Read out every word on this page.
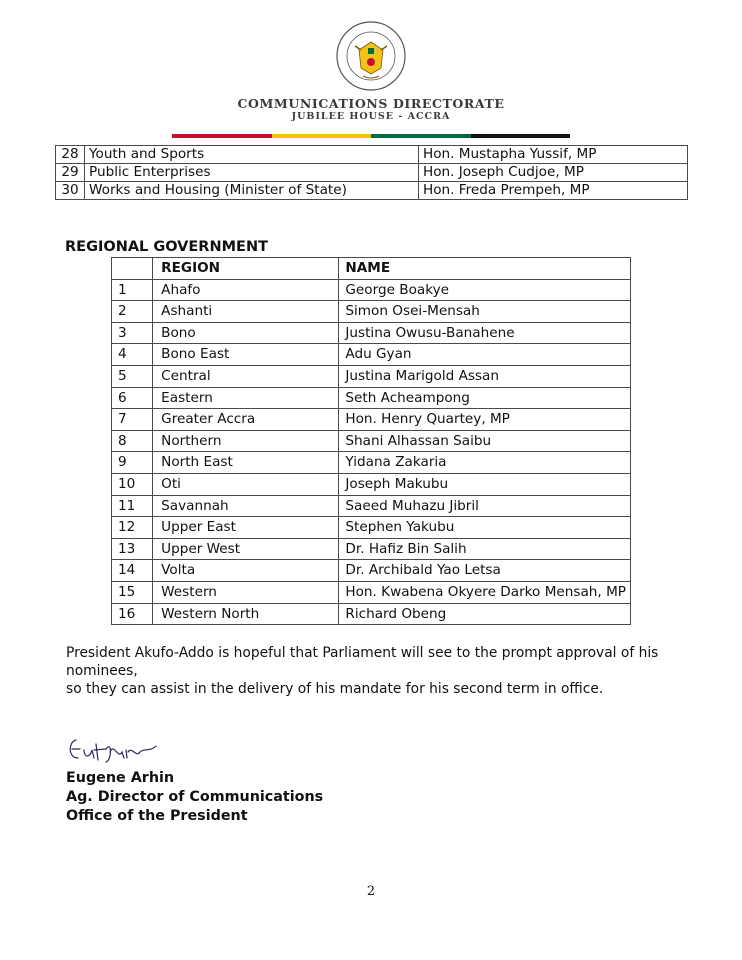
COMMUNICATIONS DIRECTORATE
JUBILEE HOUSE - ACCRA
28	Youth and Sports	Hon. Mustapha Yussif, MP
29	Public Enterprises	Hon. Joseph Cudjoe, MP
30	Works and Housing (Minister of State)	Hon. Freda Prempeh, MP
REGIONAL GOVERNMENT
	REGION	NAME
1	Ahafo	George Boakye
2	Ashanti	Simon Osei-Mensah
3	Bono	Justina Owusu-Banahene
4	Bono East	Adu Gyan
5	Central	Justina Marigold Assan
6	Eastern	Seth Acheampong
7	Greater Accra	Hon. Henry Quartey, MP
8	Northern	Shani Alhassan Saibu
9	North East	Yidana Zakaria
10	Oti	Joseph Makubu
11	Savannah	Saeed Muhazu Jibril
12	Upper East	Stephen Yakubu
13	Upper West	Dr. Hafiz Bin Salih
14	Volta	Dr. Archibald Yao Letsa
15	Western	Hon. Kwabena Okyere Darko Mensah, MP
16	Western North	Richard Obeng
President Akufo-Addo is hopeful that Parliament will see to the prompt approval of his nominees,
so they can assist in the delivery of his mandate for his second term in office.
Eugene Arhin
Ag. Director of Communications
Office of the President
2
